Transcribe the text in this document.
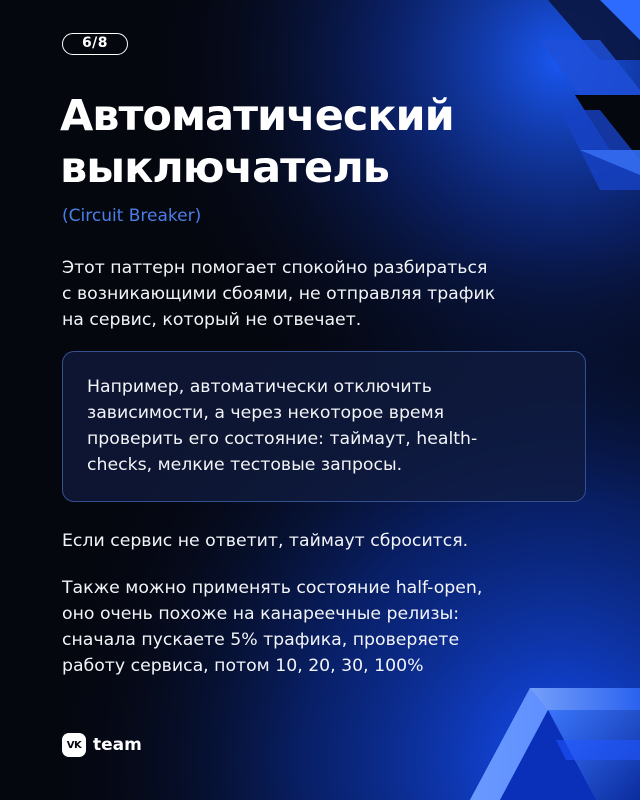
6/8
Автоматический
выключатель
(Circuit Breaker)
Этот паттерн помогает спокойно разбираться
с возникающими сбоями, не отправляя трафик
на сервис, который не отвечает.
Например, автоматически отключить
зависимости, а через некоторое время
проверить его состояние: таймаут, health-
checks, мелкие тестовые запросы.
Если сервис не ответит, таймаут сбросится.
Также можно применять состояние half-open,
оно очень похоже на канареечные релизы:
сначала пускаете 5% трафика, проверяете
работу сервиса, потом 10, 20, 30, 100%
VK team
